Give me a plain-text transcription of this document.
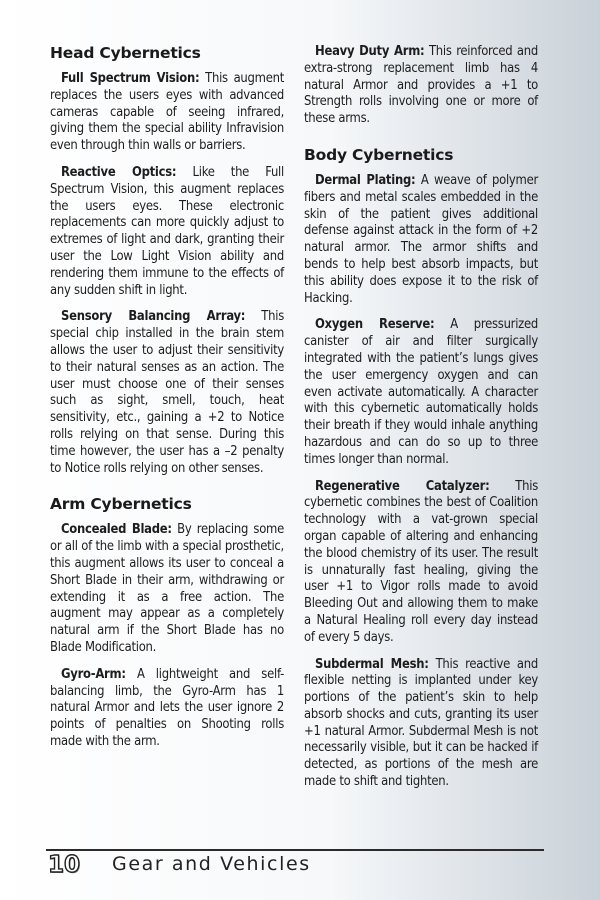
Head Cybernetics

Full Spectrum Vision: This augment replaces the users eyes with advanced cameras capable of seeing infrared, giving them the special ability Infravision even through thin walls or barriers.

Reactive Optics: Like the Full Spectrum Vision, this augment replaces the users eyes. These electronic replacements can more quickly adjust to extremes of light and dark, granting their user the Low Light Vision ability and rendering them immune to the effects of any sudden shift in light.

Sensory Balancing Array: This special chip installed in the brain stem allows the user to adjust their sensitivity to their natural senses as an action. The user must choose one of their senses such as sight, smell, touch, heat sensitivity, etc., gaining a +2 to Notice rolls relying on that sense. During this time however, the user has a –2 penalty to Notice rolls relying on other senses.

Arm Cybernetics

Concealed Blade: By replacing some or all of the limb with a special prosthetic, this augment allows its user to conceal a Short Blade in their arm, withdrawing or extending it as a free action. The augment may appear as a completely natural arm if the Short Blade has no Blade Modification.

Gyro-Arm: A lightweight and self-balancing limb, the Gyro-Arm has 1 natural Armor and lets the user ignore 2 points of penalties on Shooting rolls made with the arm.

Heavy Duty Arm: This reinforced and extra-strong replacement limb has 4 natural Armor and provides a +1 to Strength rolls involving one or more of these arms.

Body Cybernetics

Dermal Plating: A weave of polymer fibers and metal scales embedded in the skin of the patient gives additional defense against attack in the form of +2 natural armor. The armor shifts and bends to help best absorb impacts, but this ability does expose it to the risk of Hacking.

Oxygen Reserve: A pressurized canister of air and filter surgically integrated with the patient’s lungs gives the user emergency oxygen and can even activate automatically. A character with this cybernetic automatically holds their breath if they would inhale anything hazardous and can do so up to three times longer than normal.

Regenerative Catalyzer: This cybernetic combines the best of Coalition technology with a vat-grown special organ capable of altering and enhancing the blood chemistry of its user. The result is unnaturally fast healing, giving the user +1 to Vigor rolls made to avoid Bleeding Out and allowing them to make a Natural Healing roll every day instead of every 5 days.

Subdermal Mesh: This reactive and flexible netting is implanted under key portions of the patient’s skin to help absorb shocks and cuts, granting its user +1 natural Armor. Subdermal Mesh is not necessarily visible, but it can be hacked if detected, as portions of the mesh are made to shift and tighten.

10 Gear and Vehicles
